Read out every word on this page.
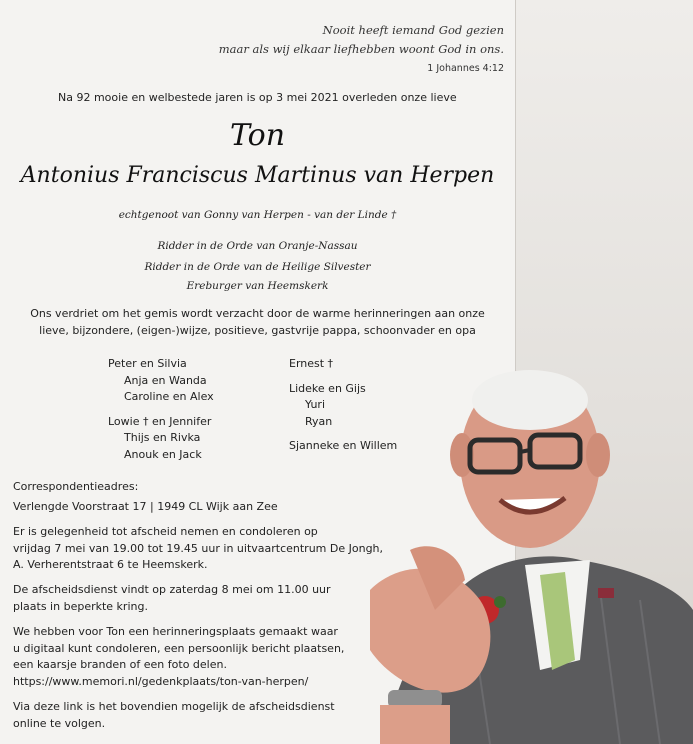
Nooit heeft iemand God gezien
maar als wij elkaar liefhebben woont God in ons.
1 Johannes 4:12
Na 92 mooie en welbestede jaren is op 3 mei 2021 overleden onze lieve
Ton
Antonius Franciscus Martinus van Herpen
echtgenoot van Gonny van Herpen - van der Linde †
Ridder in de Orde van Oranje-Nassau
Ridder in de Orde van de Heilige Silvester
Ereburger van Heemskerk
Ons verdriet om het gemis wordt verzacht door de warme herinneringen aan onze
lieve, bijzondere, (eigen-)wijze, positieve, gastvrije pappa, schoonvader en opa
Peter en Silvia
Anja en Wanda
Caroline en Alex
Lowie † en Jennifer
Thijs en Rivka
Anouk en Jack
Ernest †
Lideke en Gijs
Yuri
Ryan
Sjanneke en Willem
Correspondentieadres:
Verlengde Voorstraat 17 | 1949 CL Wijk aan Zee
Er is gelegenheid tot afscheid nemen en condoleren op
vrijdag 7 mei van 19.00 tot 19.45 uur in uitvaartcentrum De Jongh,
A. Verherentstraat 6 te Heemskerk.
De afscheidsdienst vindt op zaterdag 8 mei om 11.00 uur
plaats in beperkte kring.
We hebben voor Ton een herinneringsplaats gemaakt waar
u digitaal kunt condoleren, een persoonlijk bericht plaatsen,
een kaarsje branden of een foto delen.
https://www.memori.nl/gedenkplaats/ton-van-herpen/
Via deze link is het bovendien mogelijk de afscheidsdienst
online te volgen.
